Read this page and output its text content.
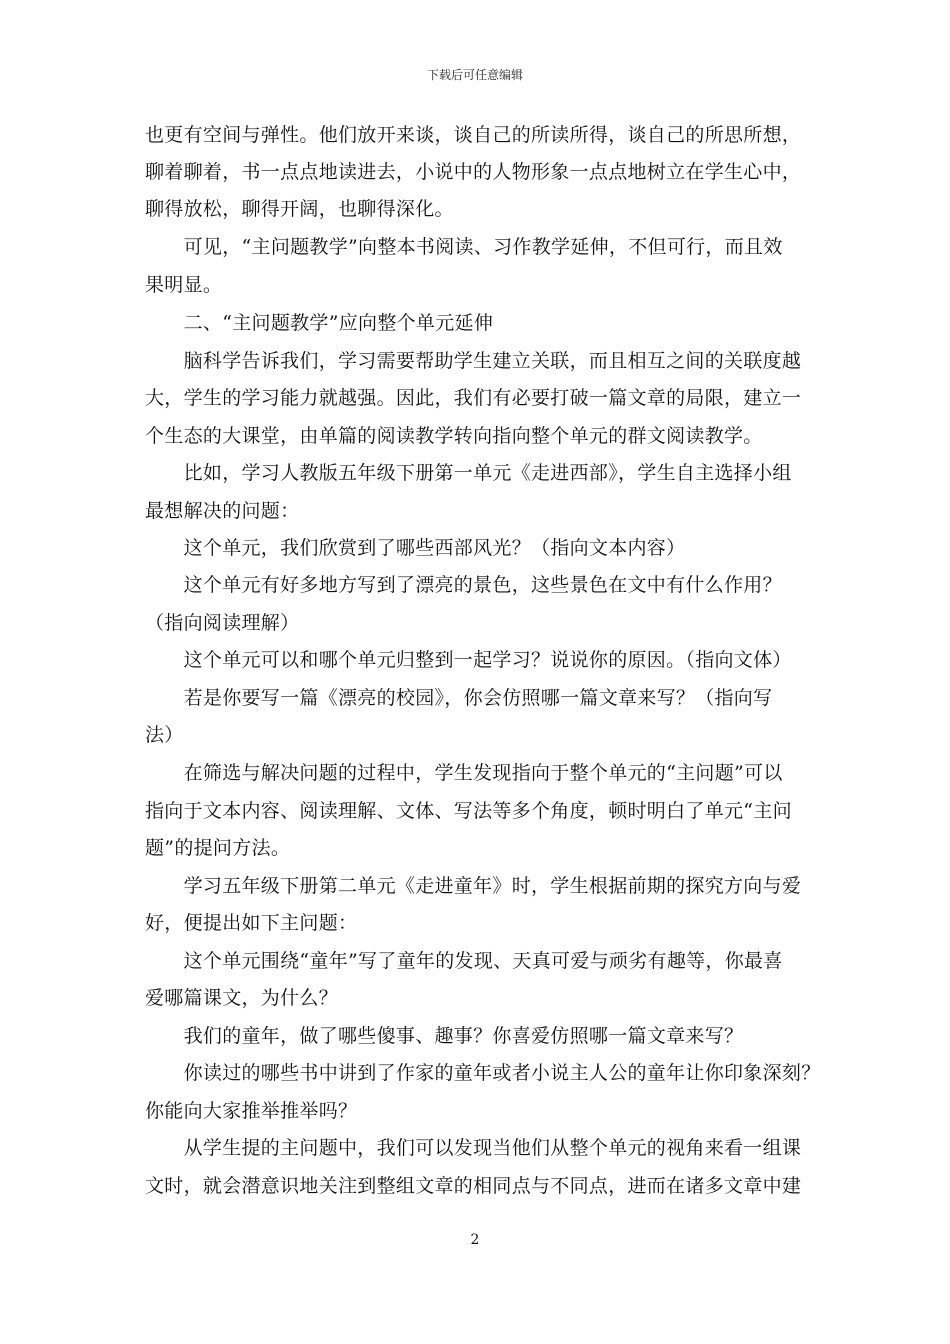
下载后可任意编辑
也更有空间与弹性。他们放开来谈，谈自己的所读所得，谈自己的所思所想，
聊着聊着，书一点点地读进去，小说中的人物形象一点点地树立在学生心中，
聊得放松，聊得开阔，也聊得深化。
　　可见，“主问题教学”向整本书阅读、习作教学延伸，不但可行，而且效
果明显。
　　二、“主问题教学”应向整个单元延伸
　　脑科学告诉我们，学习需要帮助学生建立关联，而且相互之间的关联度越
大，学生的学习能力就越强。因此，我们有必要打破一篇文章的局限，建立一
个生态的大课堂，由单篇的阅读教学转向指向整个单元的群文阅读教学。
　　比如，学习人教版五年级下册第一单元《走进西部》，学生自主选择小组
最想解决的问题：
　　这个单元，我们欣赏到了哪些西部风光？（指向文本内容）
　　这个单元有好多地方写到了漂亮的景色，这些景色在文中有什么作用？
（指向阅读理解）
　　这个单元可以和哪个单元归整到一起学习？说说你的原因。（指向文体）
　　若是你要写一篇《漂亮的校园》，你会仿照哪一篇文章来写？（指向写
法）
　　在筛选与解决问题的过程中，学生发现指向于整个单元的“主问题”可以
指向于文本内容、阅读理解、文体、写法等多个角度，顿时明白了单元“主问
题”的提问方法。
　　学习五年级下册第二单元《走进童年》时，学生根据前期的探究方向与爱
好，便提出如下主问题：
　　这个单元围绕“童年”写了童年的发现、天真可爱与顽劣有趣等，你最喜
爱哪篇课文，为什么？
　　我们的童年，做了哪些傻事、趣事？你喜爱仿照哪一篇文章来写？
　　你读过的哪些书中讲到了作家的童年或者小说主人公的童年让你印象深刻？
你能向大家推举推举吗？
　　从学生提的主问题中，我们可以发现当他们从整个单元的视角来看一组课
文时，就会潜意识地关注到整组文章的相同点与不同点，进而在诸多文章中建
2
